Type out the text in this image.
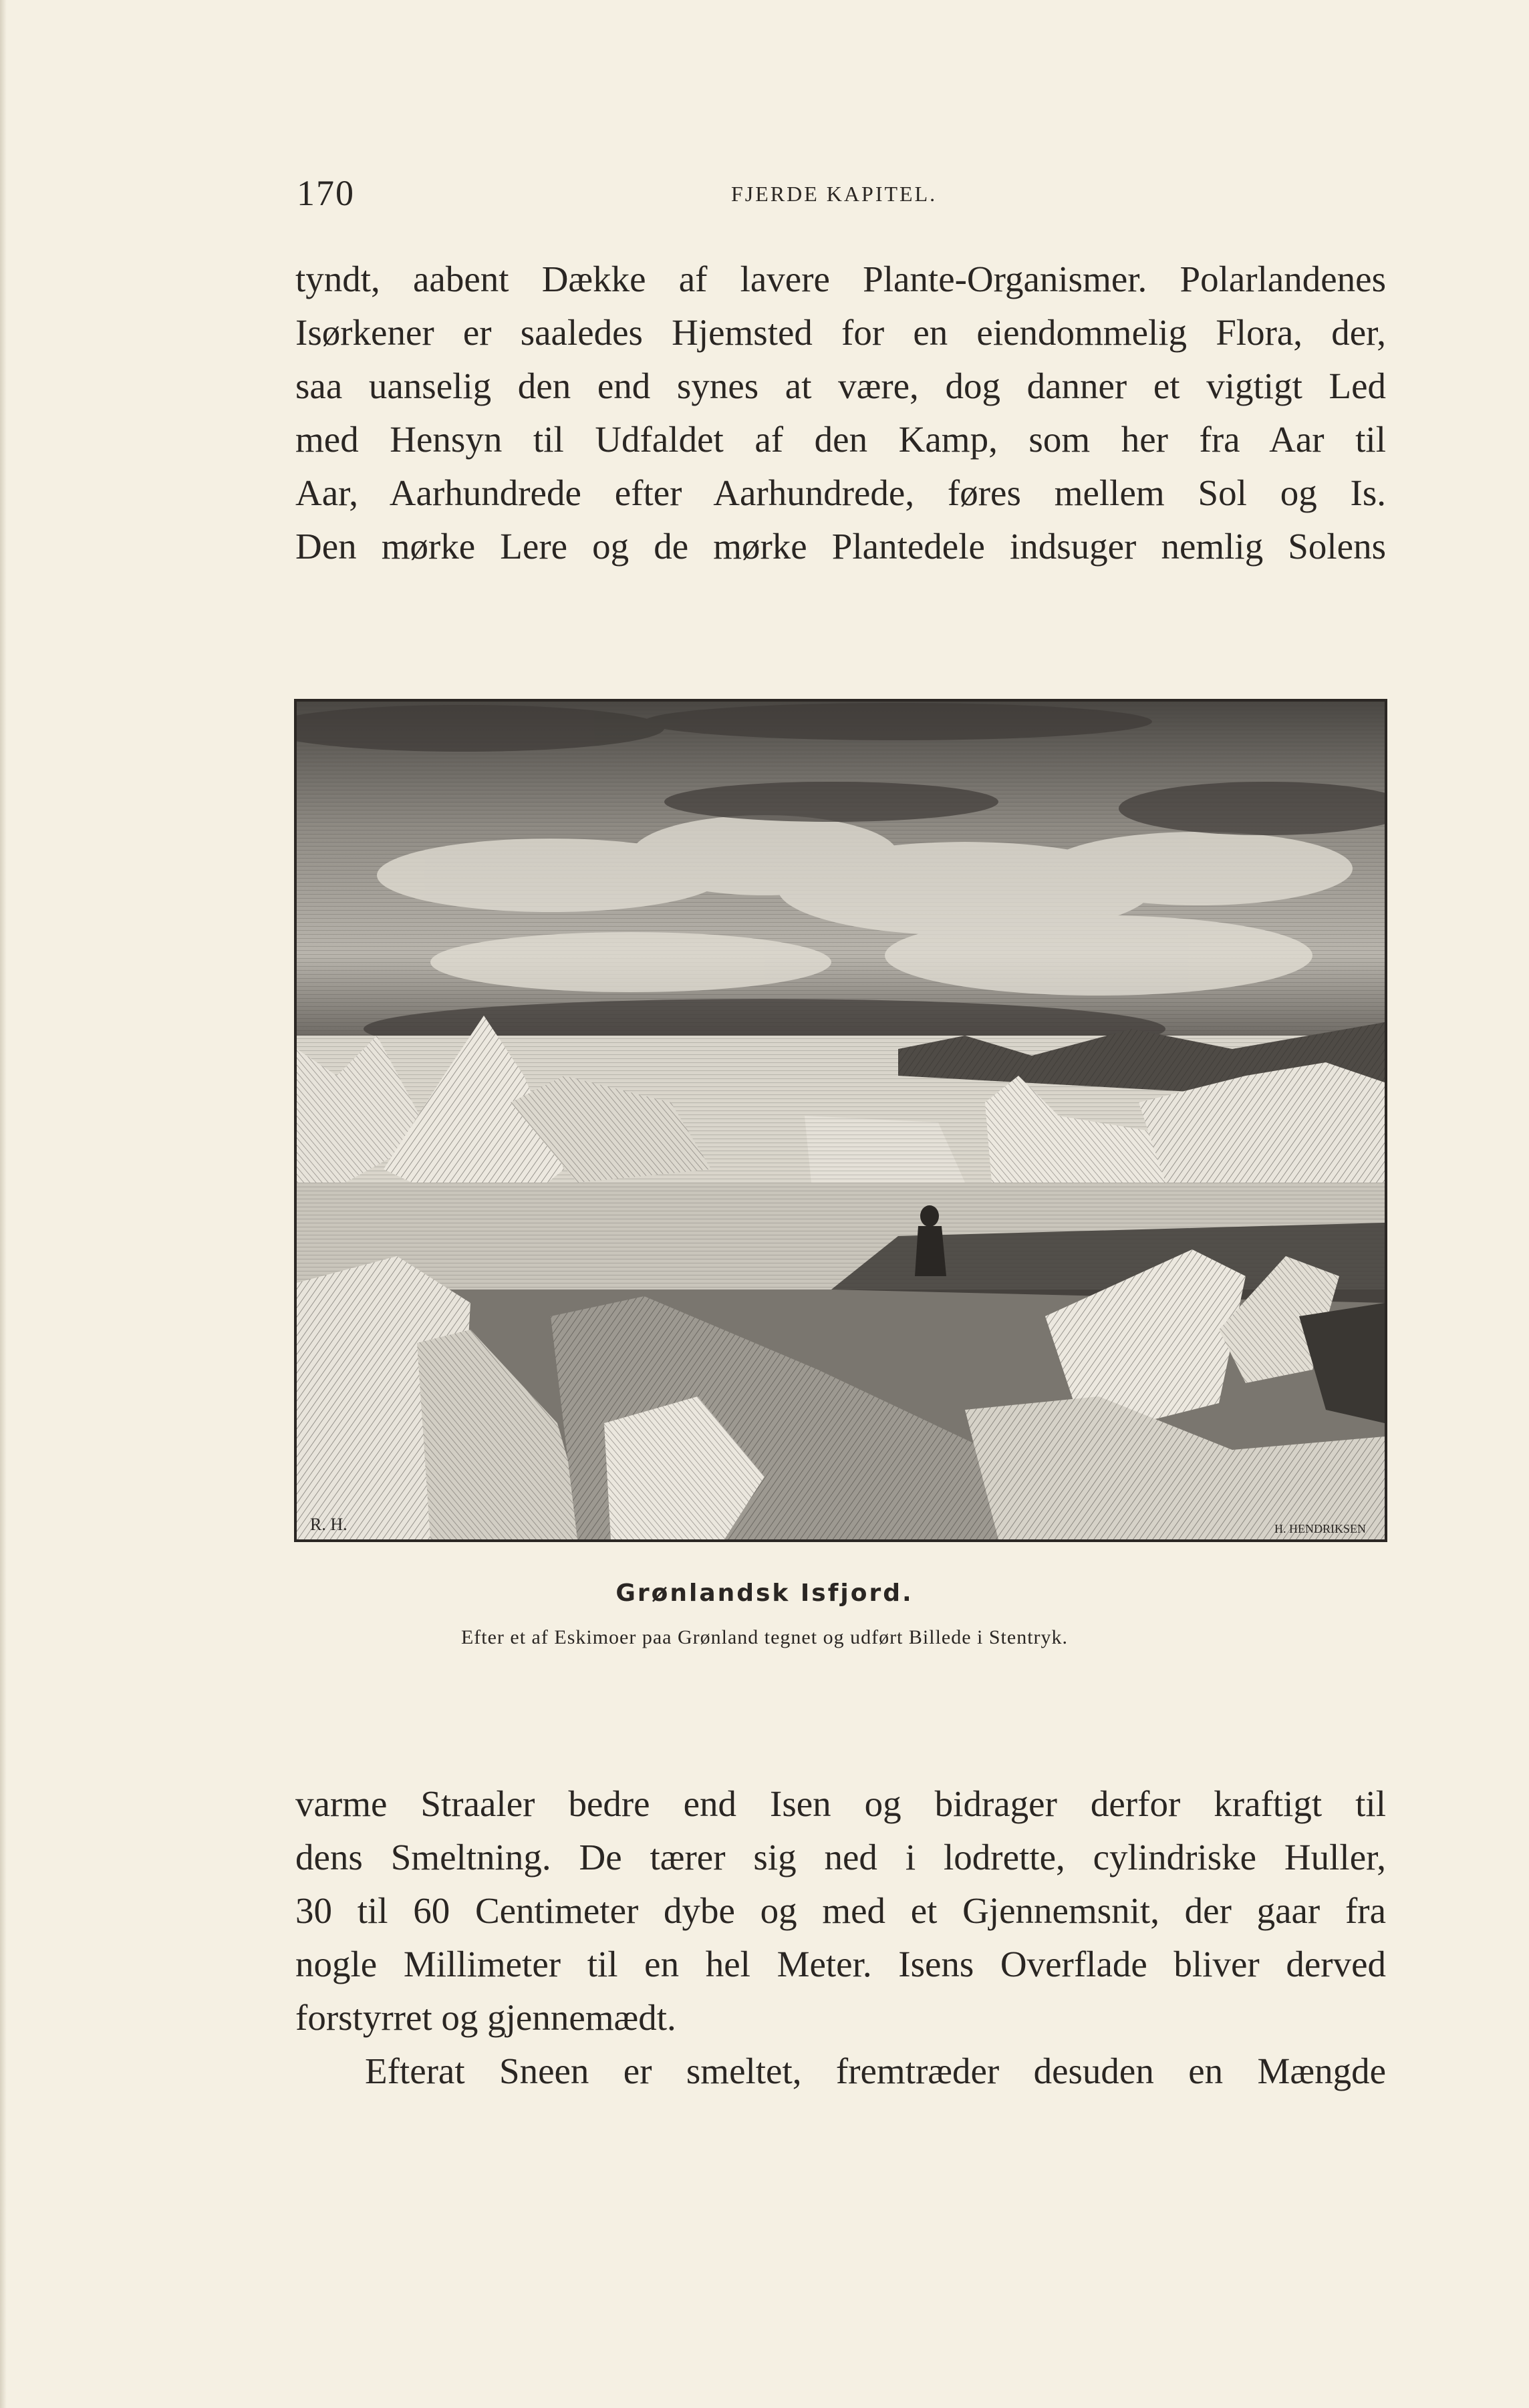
170	FJERDE KAPITEL.
tyndt, aabent Dække af lavere Plante-Organismer. Polarlandenes
Isørkener er saaledes Hjemsted for en eiendommelig Flora, der,
saa uanselig den end synes at være, dog danner et vigtigt Led
med Hensyn til Udfaldet af den Kamp, som her fra Aar til
Aar, Aarhundrede efter Aarhundrede, føres mellem Sol og Is.
Den mørke Lere og de mørke Plantedele indsuger nemlig Solens
R. H.	H. HENDRIKSEN
Grønlandsk Isfjord.
Efter et af Eskimoer paa Grønland tegnet og udført Billede i Stentryk.
varme Straaler bedre end Isen og bidrager derfor kraftigt til
dens Smeltning. De tærer sig ned i lodrette, cylindriske Huller,
30 til 60 Centimeter dybe og med et Gjennemsnit, der gaar fra
nogle Millimeter til en hel Meter. Isens Overflade bliver derved
forstyrret og gjennemædt.
Efterat Sneen er smeltet, fremtræder desuden en Mængde
